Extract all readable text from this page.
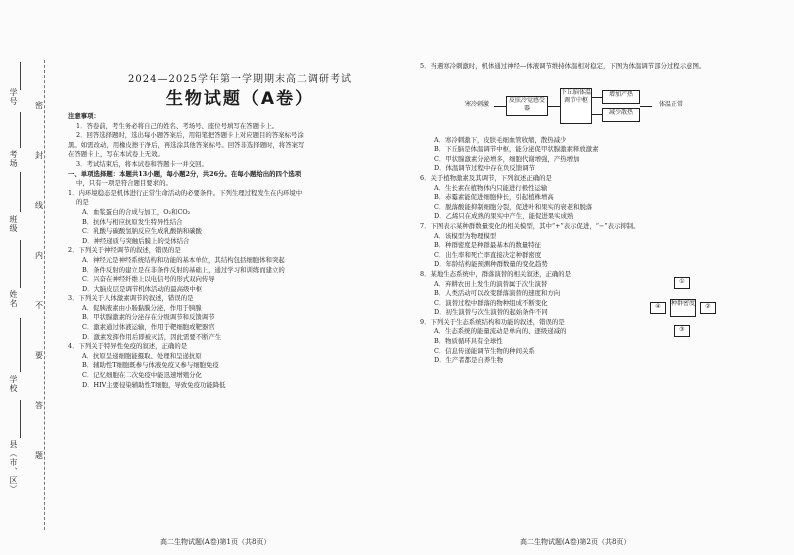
学号
考场
班级
姓名
学校
县（市、区）
密
封
线
内
不
要
答
题
2024—2025学年第一学期期末高二调研考试
生物试题（A卷）

注意事项：

1．答卷前，考生务必将自己的姓名、考场号、座位号填写在答题卡上。

2．回答选择题时，选出每小题答案后，用铅笔把答题卡上对应题目的答案标号涂

黑。如需改动，用橡皮擦干净后，再选涂其他答案标号。回答非选择题时，将答案写

在答题卡上，写在本试卷上无效。

3．考试结束后，将本试卷和答题卡一并交回。

一、单项选择题：本题共13小题，每小题2分，共26分。在每小题给出的四个选项

中，只有一项是符合题目要求的。

1．内环境稳态是机体进行正常生命活动的必要条件。下列生理过程发生在内环境中

的是

A．血浆蛋白的合成与加工，O₂和CO₂

B．抗体与相应抗原发生特异性结合

C．乳酸与碳酸氢钠反应生成乳酸钠和碳酸

D．神经递质与突触后膜上的受体结合

2．下列关于神经调节的叙述，错误的是

A．神经元是神经系统结构和功能的基本单位，其结构包括细胞体和突起

B．条件反射的建立是在非条件反射的基础上，通过学习和训练而建立的

C．兴奋在神经纤维上以电信号的形式双向传导

D．大脑皮层是调节机体活动的最高级中枢

3．下列关于人体激素调节的叙述，错误的是

A．促胰液素由小肠黏膜分泌，作用于胰腺

B．甲状腺激素的分泌存在分级调节和反馈调节

C．激素通过体液运输，作用于靶细胞或靶器官

D．激素发挥作用后即被灭活，因此需要不断产生

4．下列关于特异性免疫的叙述，正确的是

A．抗原呈递细胞能摄取、处理和呈递抗原

B．辅助性T细胞既参与体液免疫又参与细胞免疫

C．记忆细胞在二次免疫中能迅速增殖分化

D．HIV主要侵染辅助性T细胞，导致免疫功能降低

高二生物试题(A卷)第1页（共8页）

5．当遇寒冷刺激时，机体通过神经—体液调节维持体温相对稳定，下图为体温调节部分过程示意图。

A．寒冷刺激下，皮肤毛细血管收缩，散热减少

B．下丘脑是体温调节中枢，能分泌促甲状腺激素释放激素

C．甲状腺激素分泌增多，细胞代谢增强，产热增加

D．体温调节过程中存在负反馈调节

6．关于植物激素及其调节，下列叙述正确的是

A．生长素在植物体内只能进行极性运输

B．赤霉素能促进细胞伸长，引起植株增高

C．脱落酸能抑制细胞分裂，促进叶和果实的衰老和脱落

D．乙烯只在成熟的果实中产生，能促进果实成熟

7．下图表示某种群数量变化的相关模型，其中“+”表示促进，“−”表示抑制。

A．该模型为物理模型

B．种群密度是种群最基本的数量特征

C．出生率和死亡率直接决定种群密度

D．年龄结构能预测种群数量的变化趋势

8．某地生态系统中，群落演替的相关叙述，正确的是

A．弃耕农田上发生的演替属于次生演替

B．人类活动可以改变群落演替的速度和方向

C．演替过程中群落的物种组成不断变化

D．初生演替与次生演替的起始条件不同

9．下列关于生态系统结构和功能的叙述，错误的是

A．生态系统的能量流动是单向的、逐级递减的

B．物质循环具有全球性

C．信息传递能调节生物的种间关系

D．生产者都是自养生物

高二生物试题(A卷)第2页（共8页）
寒冷刺激
皮肤冷觉感受器
下丘脑体温调节中枢
增加产热
减少散热
体温正常
种群密度
①
②
③
④
